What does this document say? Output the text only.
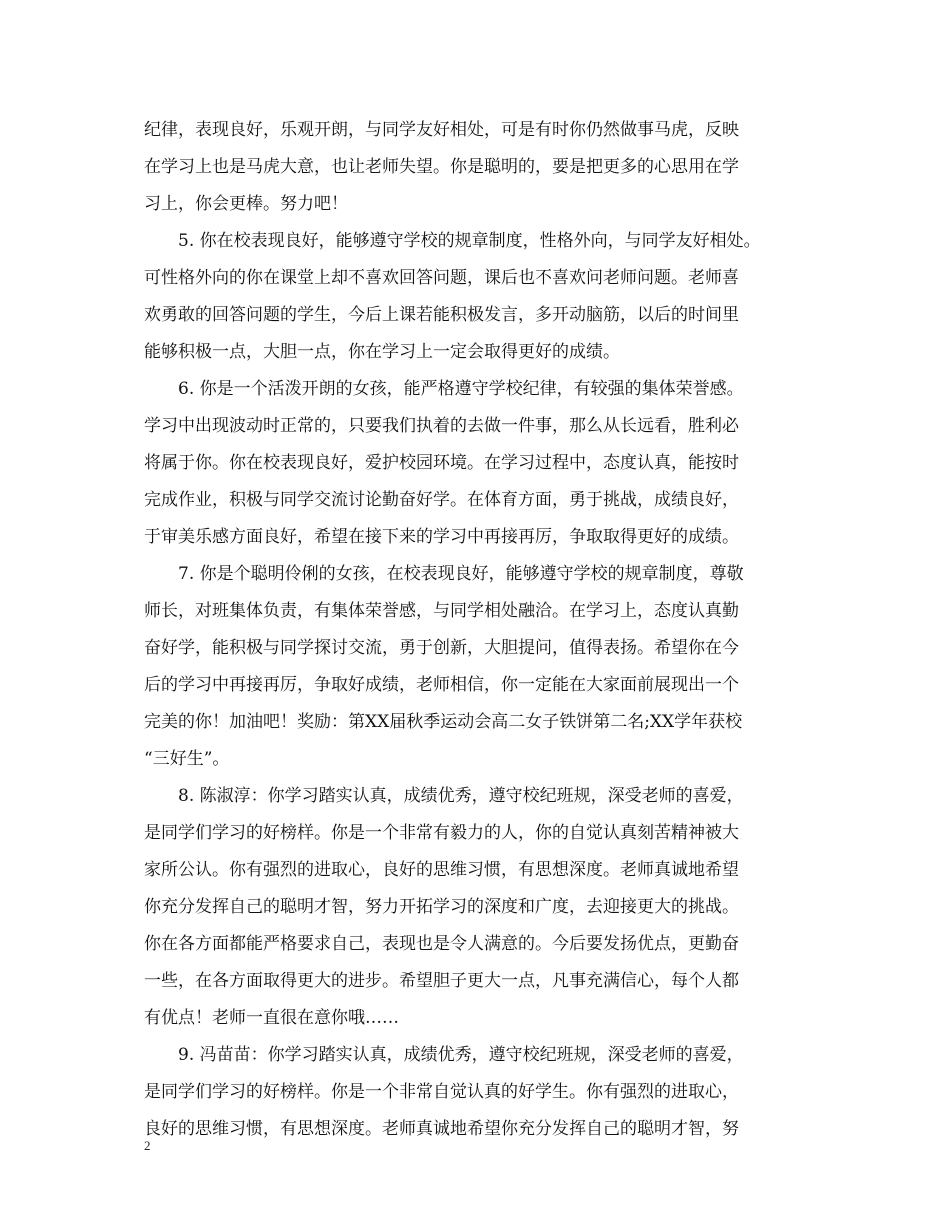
纪律，表现良好，乐观开朗，与同学友好相处，可是有时你仍然做事马虎，反映
在学习上也是马虎大意，也让老师失望。你是聪明的，要是把更多的心思用在学
习上，你会更棒。努力吧！
5. 你在校表现良好，能够遵守学校的规章制度，性格外向，与同学友好相处。
可性格外向的你在课堂上却不喜欢回答问题，课后也不喜欢问老师问题。老师喜
欢勇敢的回答问题的学生，今后上课若能积极发言，多开动脑筋，以后的时间里
能够积极一点，大胆一点，你在学习上一定会取得更好的成绩。
6. 你是一个活泼开朗的女孩，能严格遵守学校纪律，有较强的集体荣誉感。
学习中出现波动时正常的，只要我们执着的去做一件事，那么从长远看，胜利必
将属于你。你在校表现良好，爱护校园环境。在学习过程中，态度认真，能按时
完成作业，积极与同学交流讨论勤奋好学。在体育方面，勇于挑战，成绩良好，
于审美乐感方面良好，希望在接下来的学习中再接再厉，争取取得更好的成绩。
7. 你是个聪明伶俐的女孩，在校表现良好，能够遵守学校的规章制度，尊敬
师长，对班集体负责，有集体荣誉感，与同学相处融洽。在学习上，态度认真勤
奋好学，能积极与同学探讨交流，勇于创新，大胆提问，值得表扬。希望你在今
后的学习中再接再厉，争取好成绩，老师相信，你一定能在大家面前展现出一个
完美的你！加油吧！奖励：第XX届秋季运动会高二女子铁饼第二名;XX学年获校
“三好生”。
8. 陈淑淳：你学习踏实认真，成绩优秀，遵守校纪班规，深受老师的喜爱，
是同学们学习的好榜样。你是一个非常有毅力的人，你的自觉认真刻苦精神被大
家所公认。你有强烈的进取心，良好的思维习惯，有思想深度。老师真诚地希望
你充分发挥自己的聪明才智，努力开拓学习的深度和广度，去迎接更大的挑战。
你在各方面都能严格要求自己，表现也是令人满意的。今后要发扬优点，更勤奋
一些，在各方面取得更大的进步。希望胆子更大一点，凡事充满信心，每个人都
有优点！老师一直很在意你哦……
9. 冯苗苗：你学习踏实认真，成绩优秀，遵守校纪班规，深受老师的喜爱，
是同学们学习的好榜样。你是一个非常自觉认真的好学生。你有强烈的进取心，
良好的思维习惯，有思想深度。老师真诚地希望你充分发挥自己的聪明才智，努
2
